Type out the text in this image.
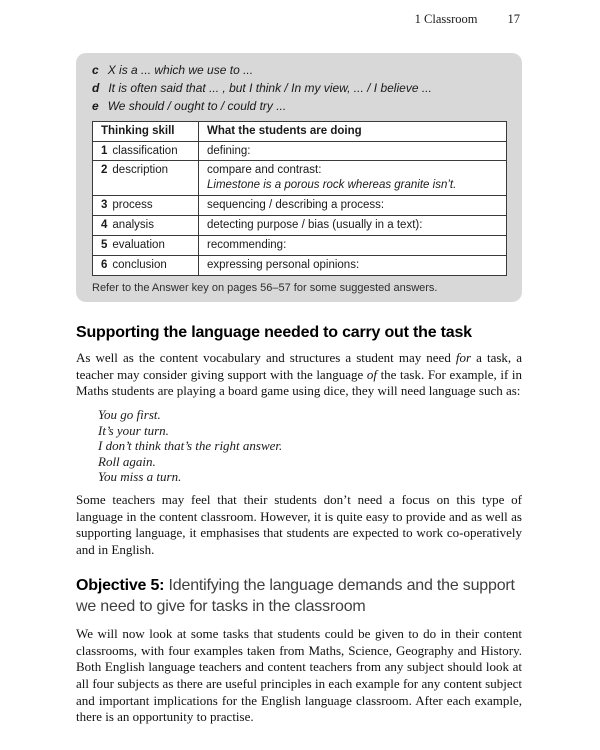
1 Classroom 17
c X is a ... which we use to ...
d It is often said that ... , but I think / In my view, ... / I believe ...
e We should / ought to / could try ...
Thinking skill	What the students are doing
1 classification	defining:
2 description	compare and contrast:
Limestone is a porous rock whereas granite isn’t.

3 process	sequencing / describing a process:
4 analysis	detecting purpose / bias (usually in a text):
5 evaluation	recommending:
6 conclusion	expressing personal opinions:
Refer to the Answer key on pages 56–57 for some suggested answers.
Supporting the language needed to carry out the task

As well as the content vocabulary and structures a student may need for a task, a teacher may consider giving support with the language of the task. For example, if in Maths students are playing a board game using dice, they will need language such as:

You go first.
It’s your turn.
I don’t think that’s the right answer.
Roll again.
You miss a turn.

Some teachers may feel that their students don’t need a focus on this type of language in the content classroom. However, it is quite easy to provide and as well as supporting language, it emphasises that students are expected to work co-operatively and in English.

Objective 5: Identifying the language demands and the support we need to give for tasks in the classroom

We will now look at some tasks that students could be given to do in their content classrooms, with four examples taken from Maths, Science, Geography and History. Both English language teachers and content teachers from any subject should look at all four subjects as there are useful principles in each example for any content subject and important implications for the English language classroom. After each example, there is an opportunity to practise.
